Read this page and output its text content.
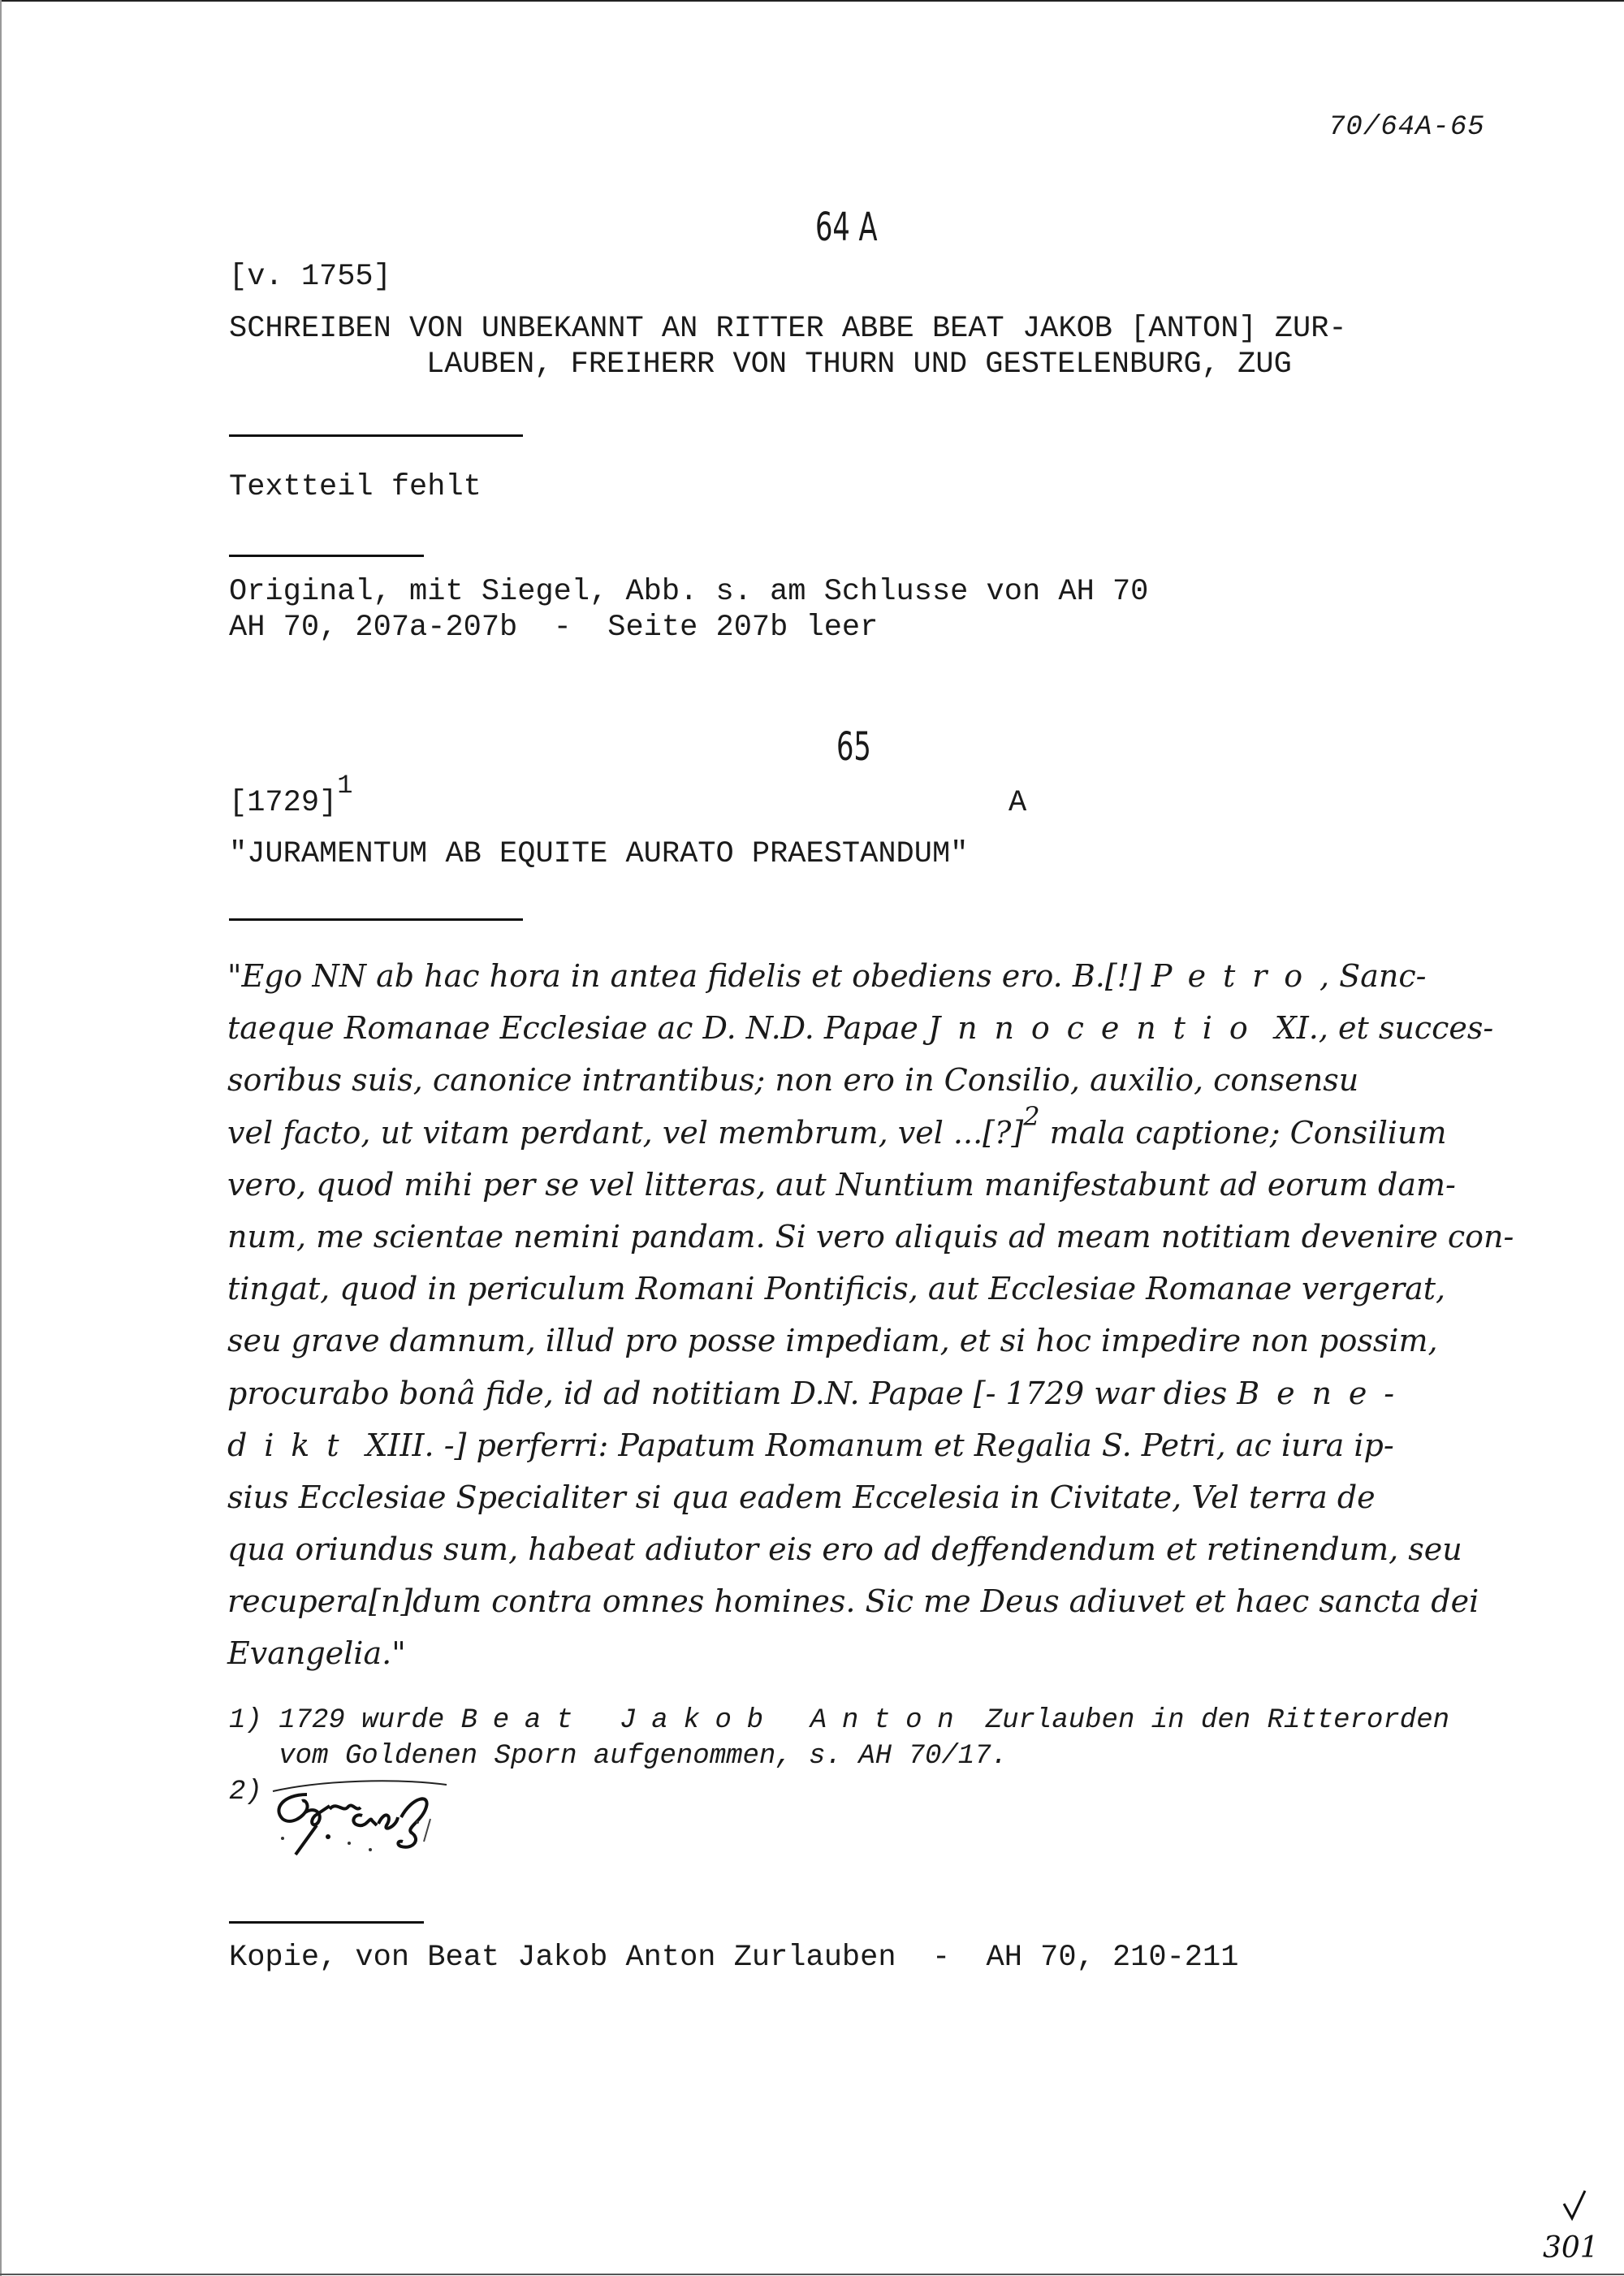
70/64A-65
64 A
[v. 1755]
SCHREIBEN VON UNBEKANNT AN RITTER ABBE BEAT JAKOB [ANTON] ZUR-
LAUBEN, FREIHERR VON THURN UND GESTELENBURG, ZUG
Textteil fehlt
Original, mit Siegel, Abb. s. am Schlusse von AH 70
AH 70, 207a-207b  -  Seite 207b leer
65
[1729]1
A
"JURAMENTUM AB EQUITE AURATO PRAESTANDUM"
"Ego NN ab hac hora in antea fidelis et obediens ero. B.[!] Petro, Sanc-
taeque Romanae Ecclesiae ac D. N.D. Papae Jnnocentio XI., et succes-
soribus suis, canonice intrantibus; non ero in Consilio, auxilio, consensu
vel facto, ut vitam perdant, vel membrum, vel ...[?]$^2$ mala captione; Consilium
vero, quod mihi per se vel litteras, aut Nuntium manifestabunt ad eorum dam-
num, me scientae nemini pandam. Si vero aliquis ad meam notitiam devenire con-
tingat, quod in periculum Romani Pontificis, aut Ecclesiae Romanae vergerat,
seu grave damnum, illud pro posse impediam, et si hoc impedire non possim,
procurabo bonâ fide, id ad notitiam D.N. Papae [- 1729 war dies Bene-
dikt XIII. -] perferri: Papatum Romanum et Regalia S. Petri, ac iura ip-
sius Ecclesiae Specialiter si qua eadem Eccelesia in Civitate, Vel terra de
qua oriundus sum, habeat adiutor eis ero ad deffendendum et retinendum, seu
recupera[n]dum contra omnes homines. Sic me Deus adiuvet et haec sancta dei
Evangelia."
1) 1729 wurde Beat Jakob Anton Zurlauben in den Ritterorden
vom Goldenen Sporn aufgenommen, s. AH 70/17.
2)
Kopie, von Beat Jakob Anton Zurlauben  -  AH 70, 210-211
301
